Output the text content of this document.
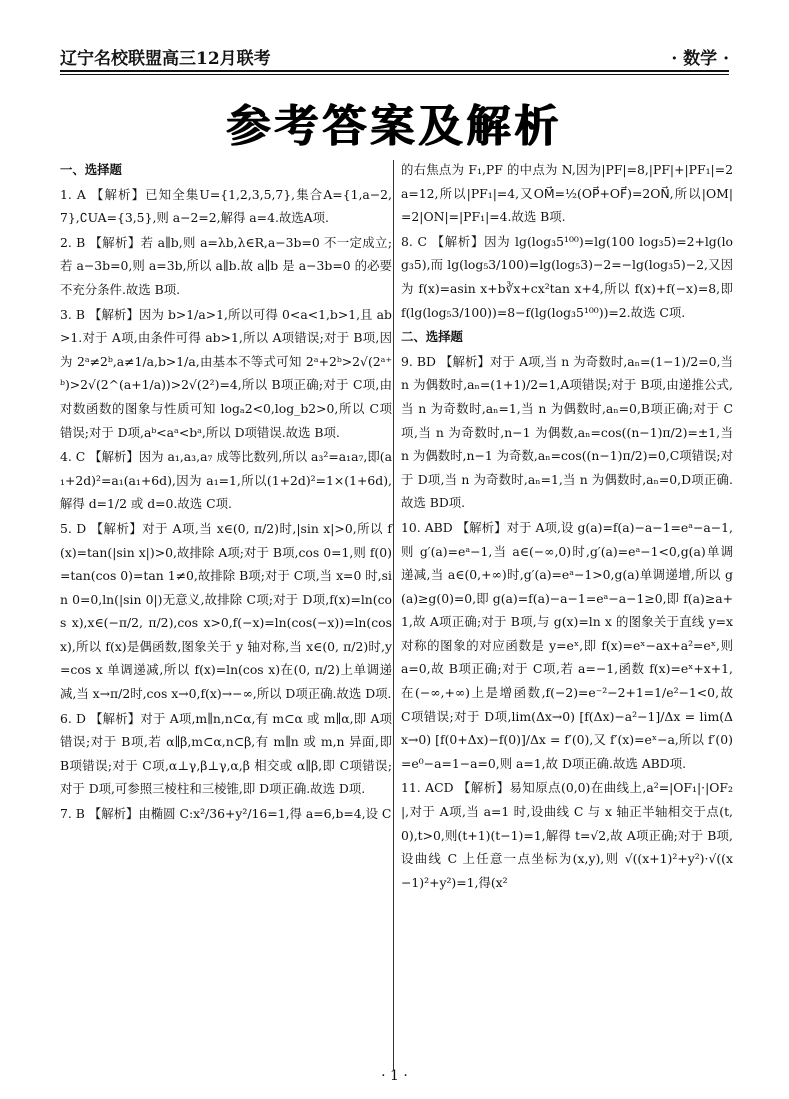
辽宁名校联盟高三12月联考	· 数学 ·
参考答案及解析
一、选择题
1. A 【解析】已知全集U={1,2,3,5,7},集合A={1,a−2,7},∁UA={3,5},则 a−2=2,解得 a=4.故选A项.
2. B 【解析】若 a∥b,则 a=λb,λ∈R,a−3b=0 不一定成立;若 a−3b=0,则 a=3b,所以 a∥b.故 a∥b 是 a−3b=0 的必要不充分条件.故选 B项.
3. B 【解析】因为 b>1/a>1,所以可得 0<a<1,b>1,且 ab>1.对于 A项,由条件可得 ab>1,所以 A项错误;对于 B项,因为 2ᵃ≠2ᵇ,a≠1/a,b>1/a,由基本不等式可知 2ᵃ+2ᵇ>2√(2ᵃ⁺ᵇ)>2√(2^(a+1/a))>2√(2²)=4,所以 B项正确;对于 C项,由对数函数的图象与性质可知 logₐ2<0,log_b2>0,所以 C项错误;对于 D项,aᵇ<aᵃ<bᵃ,所以 D项错误.故选 B项.
4. C 【解析】因为 a₁,a₃,a₇ 成等比数列,所以 a₃²=a₁a₇,即(a₁+2d)²=a₁(a₁+6d),因为 a₁=1,所以(1+2d)²=1×(1+6d),解得 d=1/2 或 d=0.故选 C项.
5. D 【解析】对于 A项,当 x∈(0, π/2)时,|sin x|>0,所以 f(x)=tan(|sin x|)>0,故排除 A项;对于 B项,cos 0=1,则 f(0)=tan(cos 0)=tan 1≠0,故排除 B项;对于 C项,当 x=0 时,sin 0=0,ln(|sin 0|)无意义,故排除 C项;对于 D项,f(x)=ln(cos x),x∈(−π/2, π/2),cos x>0,f(−x)=ln(cos(−x))=ln(cos x),所以 f(x)是偶函数,图象关于 y 轴对称,当 x∈(0, π/2)时,y=cos x 单调递减,所以 f(x)=ln(cos x)在(0, π/2)上单调递减,当 x→π/2时,cos x→0,f(x)→−∞,所以 D项正确.故选 D项.
6. D 【解析】对于 A项,m∥n,n⊂α,有 m⊂α 或 m∥α,即 A项错误;对于 B项,若 α∥β,m⊂α,n⊂β,有 m∥n 或 m,n 异面,即 B项错误;对于 C项,α⊥γ,β⊥γ,α,β 相交或 α∥β,即 C项错误;对于 D项,可参照三棱柱和三棱锥,即 D项正确.故选 D项.
7. B 【解析】由椭圆 C:x²/36+y²/16=1,得 a=6,b=4,设 C
的右焦点为 F₁,PF 的中点为 N,因为|PF|=8,|PF|+|PF₁|=2a=12,所以|PF₁|=4,又OM⃗=½(OP⃗+OF⃗)=2ON⃗,所以|OM|=2|ON|=|PF₁|=4.故选 B项.
8. C 【解析】因为 lg(log₃5¹⁰⁰)=lg(100 log₃5)=2+lg(log₃5),而 lg(log₅3/100)=lg(log₅3)−2=−lg(log₃5)−2,又因为 f(x)=asin x+b∛x+cx²tan x+4,所以 f(x)+f(−x)=8,即 f(lg(log₅3/100))=8−f(lg(log₃5¹⁰⁰))=2.故选 C项.
二、选择题
9. BD 【解析】对于 A项,当 n 为奇数时,aₙ=(1−1)/2=0,当 n 为偶数时,aₙ=(1+1)/2=1,A项错误;对于 B项,由递推公式,当 n 为奇数时,aₙ=1,当 n 为偶数时,aₙ=0,B项正确;对于 C项,当 n 为奇数时,n−1 为偶数,aₙ=cos((n−1)π/2)=±1,当 n 为偶数时,n−1 为奇数,aₙ=cos((n−1)π/2)=0,C项错误;对于 D项,当 n 为奇数时,aₙ=1,当 n 为偶数时,aₙ=0,D项正确.故选 BD项.
10. ABD 【解析】对于 A项,设 g(a)=f(a)−a−1=eᵃ−a−1,则 g′(a)=eᵃ−1,当 a∈(−∞,0)时,g′(a)=eᵃ−1<0,g(a)单调递减,当 a∈(0,+∞)时,g′(a)=eᵃ−1>0,g(a)单调递增,所以 g(a)≥g(0)=0,即 g(a)=f(a)−a−1=eᵃ−a−1≥0,即 f(a)≥a+1,故 A项正确;对于 B项,与 g(x)=ln x 的图象关于直线 y=x 对称的图象的对应函数是 y=eˣ,即 f(x)=eˣ−ax+a²=eˣ,则 a=0,故 B项正确;对于 C项,若 a=−1,函数 f(x)=eˣ+x+1,在(−∞,+∞)上是增函数,f(−2)=e⁻²−2+1=1/e²−1<0,故 C项错误;对于 D项,lim(Δx→0) [f(Δx)−a²−1]/Δx = lim(Δx→0) [f(0+Δx)−f(0)]/Δx = f′(0),又 f′(x)=eˣ−a,所以 f′(0)=e⁰−a=1−a=0,则 a=1,故 D项正确.故选 ABD项.
11. ACD 【解析】易知原点(0,0)在曲线上,a²=|OF₁|·|OF₂|,对于 A项,当 a=1 时,设曲线 C 与 x 轴正半轴相交于点(t,0),t>0,则(t+1)(t−1)=1,解得 t=√2,故 A项正确;对于 B项,设曲线 C 上任意一点坐标为(x,y),则 √((x+1)²+y²)·√((x−1)²+y²)=1,得(x²
· 1 ·
